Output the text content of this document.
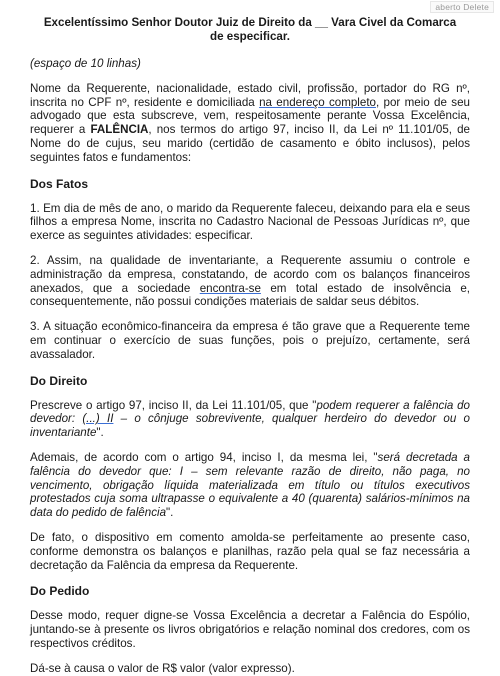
aberto Delete

Excelentíssimo Senhor Doutor Juiz de Direito da __ Vara Civel da Comarca
de especificar.

(espaço de 10 linhas)

Nome da Requerente, nacionalidade, estado civil, profissão, portador do RG nº, inscrita no CPF nº, residente e domiciliada na endereço completo, por meio de seu advogado que esta subscreve, vem, respeitosamente perante Vossa Excelência, requerer a FALÊNCIA, nos termos do artigo 97, inciso II, da Lei nº 11.101/05, de Nome do de cujus, seu marido (certidão de casamento e óbito inclusos), pelos seguintes fatos e fundamentos:

Dos Fatos

1. Em dia de mês de ano, o marido da Requerente faleceu, deixando para ela e seus filhos a empresa Nome, inscrita no Cadastro Nacional de Pessoas Jurídicas nº, que exerce as seguintes atividades: especificar.

2. Assim, na qualidade de inventariante, a Requerente assumiu o controle e administração da empresa, constatando, de acordo com os balanços financeiros anexados, que a sociedade encontra-se em total estado de insolvência e, consequentemente, não possui condições materiais de saldar seus débitos.

3. A situação econômico-financeira da empresa é tão grave que a Requerente teme em continuar o exercício de suas funções, pois o prejuízo, certamente, será avassalador.

Do Direito

Prescreve o artigo 97, inciso II, da Lei 11.101/05, que "podem requerer a falência do devedor: (...) II – o cônjuge sobrevivente, qualquer herdeiro do devedor ou o inventariante".

Ademais, de acordo com o artigo 94, inciso I, da mesma lei, "será decretada a falência do devedor que: I – sem relevante razão de direito, não paga, no vencimento, obrigação líquida materializada em título ou títulos executivos protestados cuja soma ultrapasse o equivalente a 40 (quarenta) salários-mínimos na data do pedido de falência".

De fato, o dispositivo em comento amolda-se perfeitamente ao presente caso, conforme demonstra os balanços e planilhas, razão pela qual se faz necessária a decretação da Falência da empresa da Requerente.

Do Pedido

Desse modo, requer digne-se Vossa Excelência a decretar a Falência do Espólio, juntando-se à presente os livros obrigatórios e relação nominal dos credores, com os respectivos créditos.

Dá-se à causa o valor de R$ valor (valor expresso).
